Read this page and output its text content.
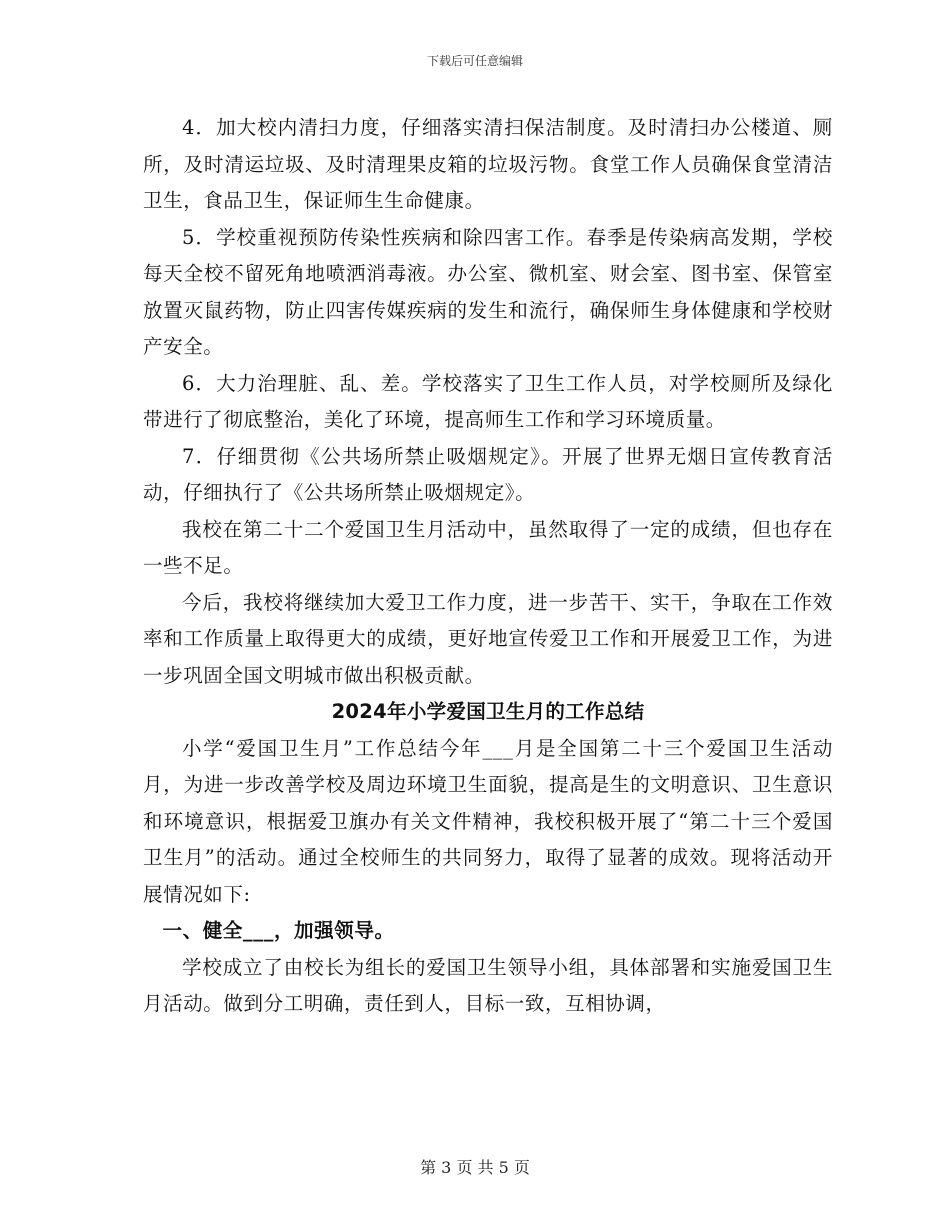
下载后可任意编辑

4．加大校内清扫力度，仔细落实清扫保洁制度。及时清扫办公楼道、厕所，及时清运垃圾、及时清理果皮箱的垃圾污物。食堂工作人员确保食堂清洁卫生，食品卫生，保证师生生命健康。

5．学校重视预防传染性疾病和除四害工作。春季是传染病高发期，学校每天全校不留死角地喷洒消毒液。办公室、微机室、财会室、图书室、保管室放置灭鼠药物，防止四害传媒疾病的发生和流行，确保师生身体健康和学校财产安全。

6．大力治理脏、乱、差。学校落实了卫生工作人员，对学校厕所及绿化带进行了彻底整治，美化了环境，提高师生工作和学习环境质量。

7．仔细贯彻《公共场所禁止吸烟规定》。开展了世界无烟日宣传教育活动，仔细执行了《公共场所禁止吸烟规定》。

我校在第二十二个爱国卫生月活动中，虽然取得了一定的成绩，但也存在一些不足。

今后，我校将继续加大爱卫工作力度，进一步苦干、实干，争取在工作效率和工作质量上取得更大的成绩，更好地宣传爱卫工作和开展爱卫工作，为进一步巩固全国文明城市做出积极贡献。

2024年小学爱国卫生月的工作总结

小学“爱国卫生月”工作总结今年___月是全国第二十三个爱国卫生活动月，为进一步改善学校及周边环境卫生面貌，提高是生的文明意识、卫生意识和环境意识，根据爱卫旗办有关文件精神，我校积极开展了“第二十三个爱国卫生月”的活动。通过全校师生的共同努力，取得了显著的成效。现将活动开展情况如下:

一、健全___，加强领导。

学校成立了由校长为组长的爱国卫生领导小组，具体部署和实施爱国卫生月活动。做到分工明确，责任到人，目标一致，互相协调，

第 3 页 共 5 页
